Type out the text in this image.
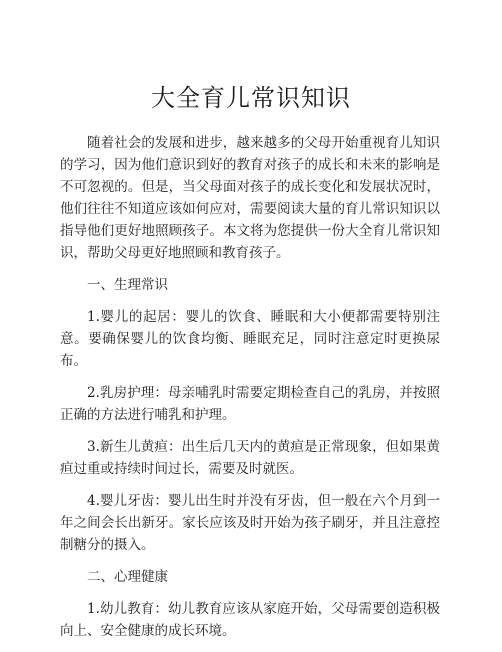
大全育儿常识知识

随着社会的发展和进步，越来越多的父母开始重视育儿知识的学习，因为他们意识到好的教育对孩子的成长和未来的影响是不可忽视的。但是，当父母面对孩子的成长变化和发展状况时，他们往往不知道应该如何应对，需要阅读大量的育儿常识知识以指导他们更好地照顾孩子。本文将为您提供一份大全育儿常识知识，帮助父母更好地照顾和教育孩子。

一、生理常识

1.婴儿的起居：婴儿的饮食、睡眠和大小便都需要特别注意。要确保婴儿的饮食均衡、睡眠充足，同时注意定时更换尿布。

2.乳房护理：母亲哺乳时需要定期检查自己的乳房，并按照正确的方法进行哺乳和护理。

3.新生儿黄疸：出生后几天内的黄疸是正常现象，但如果黄疸过重或持续时间过长，需要及时就医。

4.婴儿牙齿：婴儿出生时并没有牙齿，但一般在六个月到一年之间会长出新牙。家长应该及时开始为孩子刷牙，并且注意控制糖分的摄入。

二、心理健康

1.幼儿教育：幼儿教育应该从家庭开始，父母需要创造积极向上、安全健康的成长环境。
